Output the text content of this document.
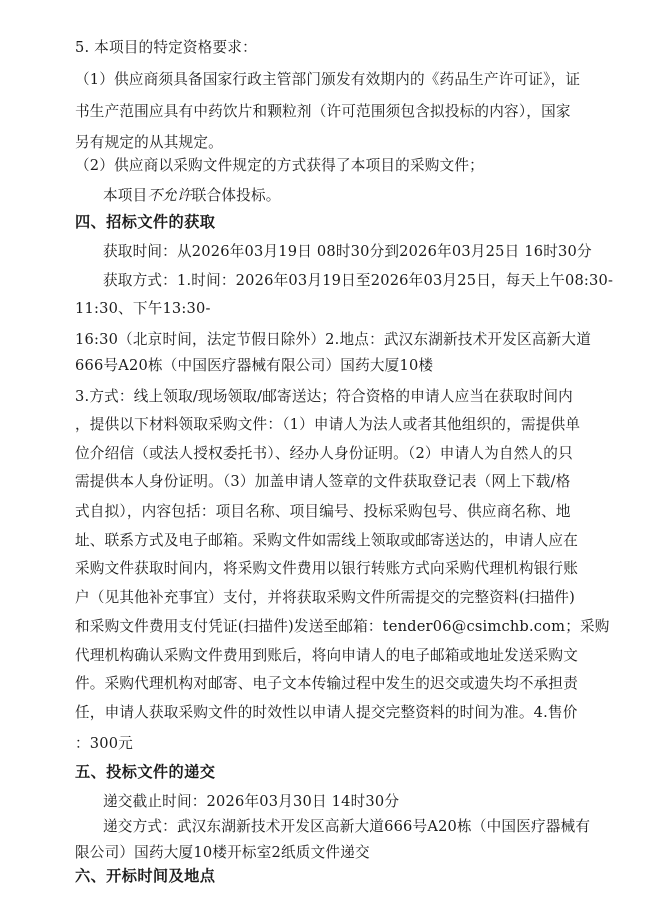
5. 本项目的特定资格要求：
（1）供应商须具备国家行政主管部门颁发有效期内的《药品生产许可证》，证
书生产范围应具有中药饮片和颗粒剂（许可范围须包含拟投标的内容），国家
另有规定的从其规定。
（2）供应商以采购文件规定的方式获得了本项目的采购文件；
本项目不允许联合体投标。
四、招标文件的获取
获取时间：从2026年03月19日 08时30分到2026年03月25日 16时30分
获取方式：1.时间：2026年03月19日至2026年03月25日，每天上午08:30-
11:30、下午13:30-
16:30（北京时间，法定节假日除外）2.地点：武汉东湖新技术开发区高新大道
666号A20栋（中国医疗器械有限公司）国药大厦10楼
3.方式：线上领取/现场领取/邮寄送达；符合资格的申请人应当在获取时间内
，提供以下材料领取采购文件：（1）申请人为法人或者其他组织的，需提供单
位介绍信（或法人授权委托书）、经办人身份证明。（2）申请人为自然人的只
需提供本人身份证明。（3）加盖申请人签章的文件获取登记表（网上下载/格
式自拟），内容包括：项目名称、项目编号、投标采购包号、供应商名称、地
址、联系方式及电子邮箱。采购文件如需线上领取或邮寄送达的，申请人应在
采购文件获取时间内，将采购文件费用以银行转账方式向采购代理机构银行账
户（见其他补充事宜）支付，并将获取采购文件所需提交的完整资料(扫描件)
和采购文件费用支付凭证(扫描件)发送至邮箱：tender06@csimchb.com；采购
代理机构确认采购文件费用到账后，将向申请人的电子邮箱或地址发送采购文
件。采购代理机构对邮寄、电子文本传输过程中发生的迟交或遗失均不承担责
任，申请人获取采购文件的时效性以申请人提交完整资料的时间为准。4.售价
：300元
五、投标文件的递交
递交截止时间：2026年03月30日 14时30分
递交方式：武汉东湖新技术开发区高新大道666号A20栋（中国医疗器械有
限公司）国药大厦10楼开标室2纸质文件递交
六、开标时间及地点
